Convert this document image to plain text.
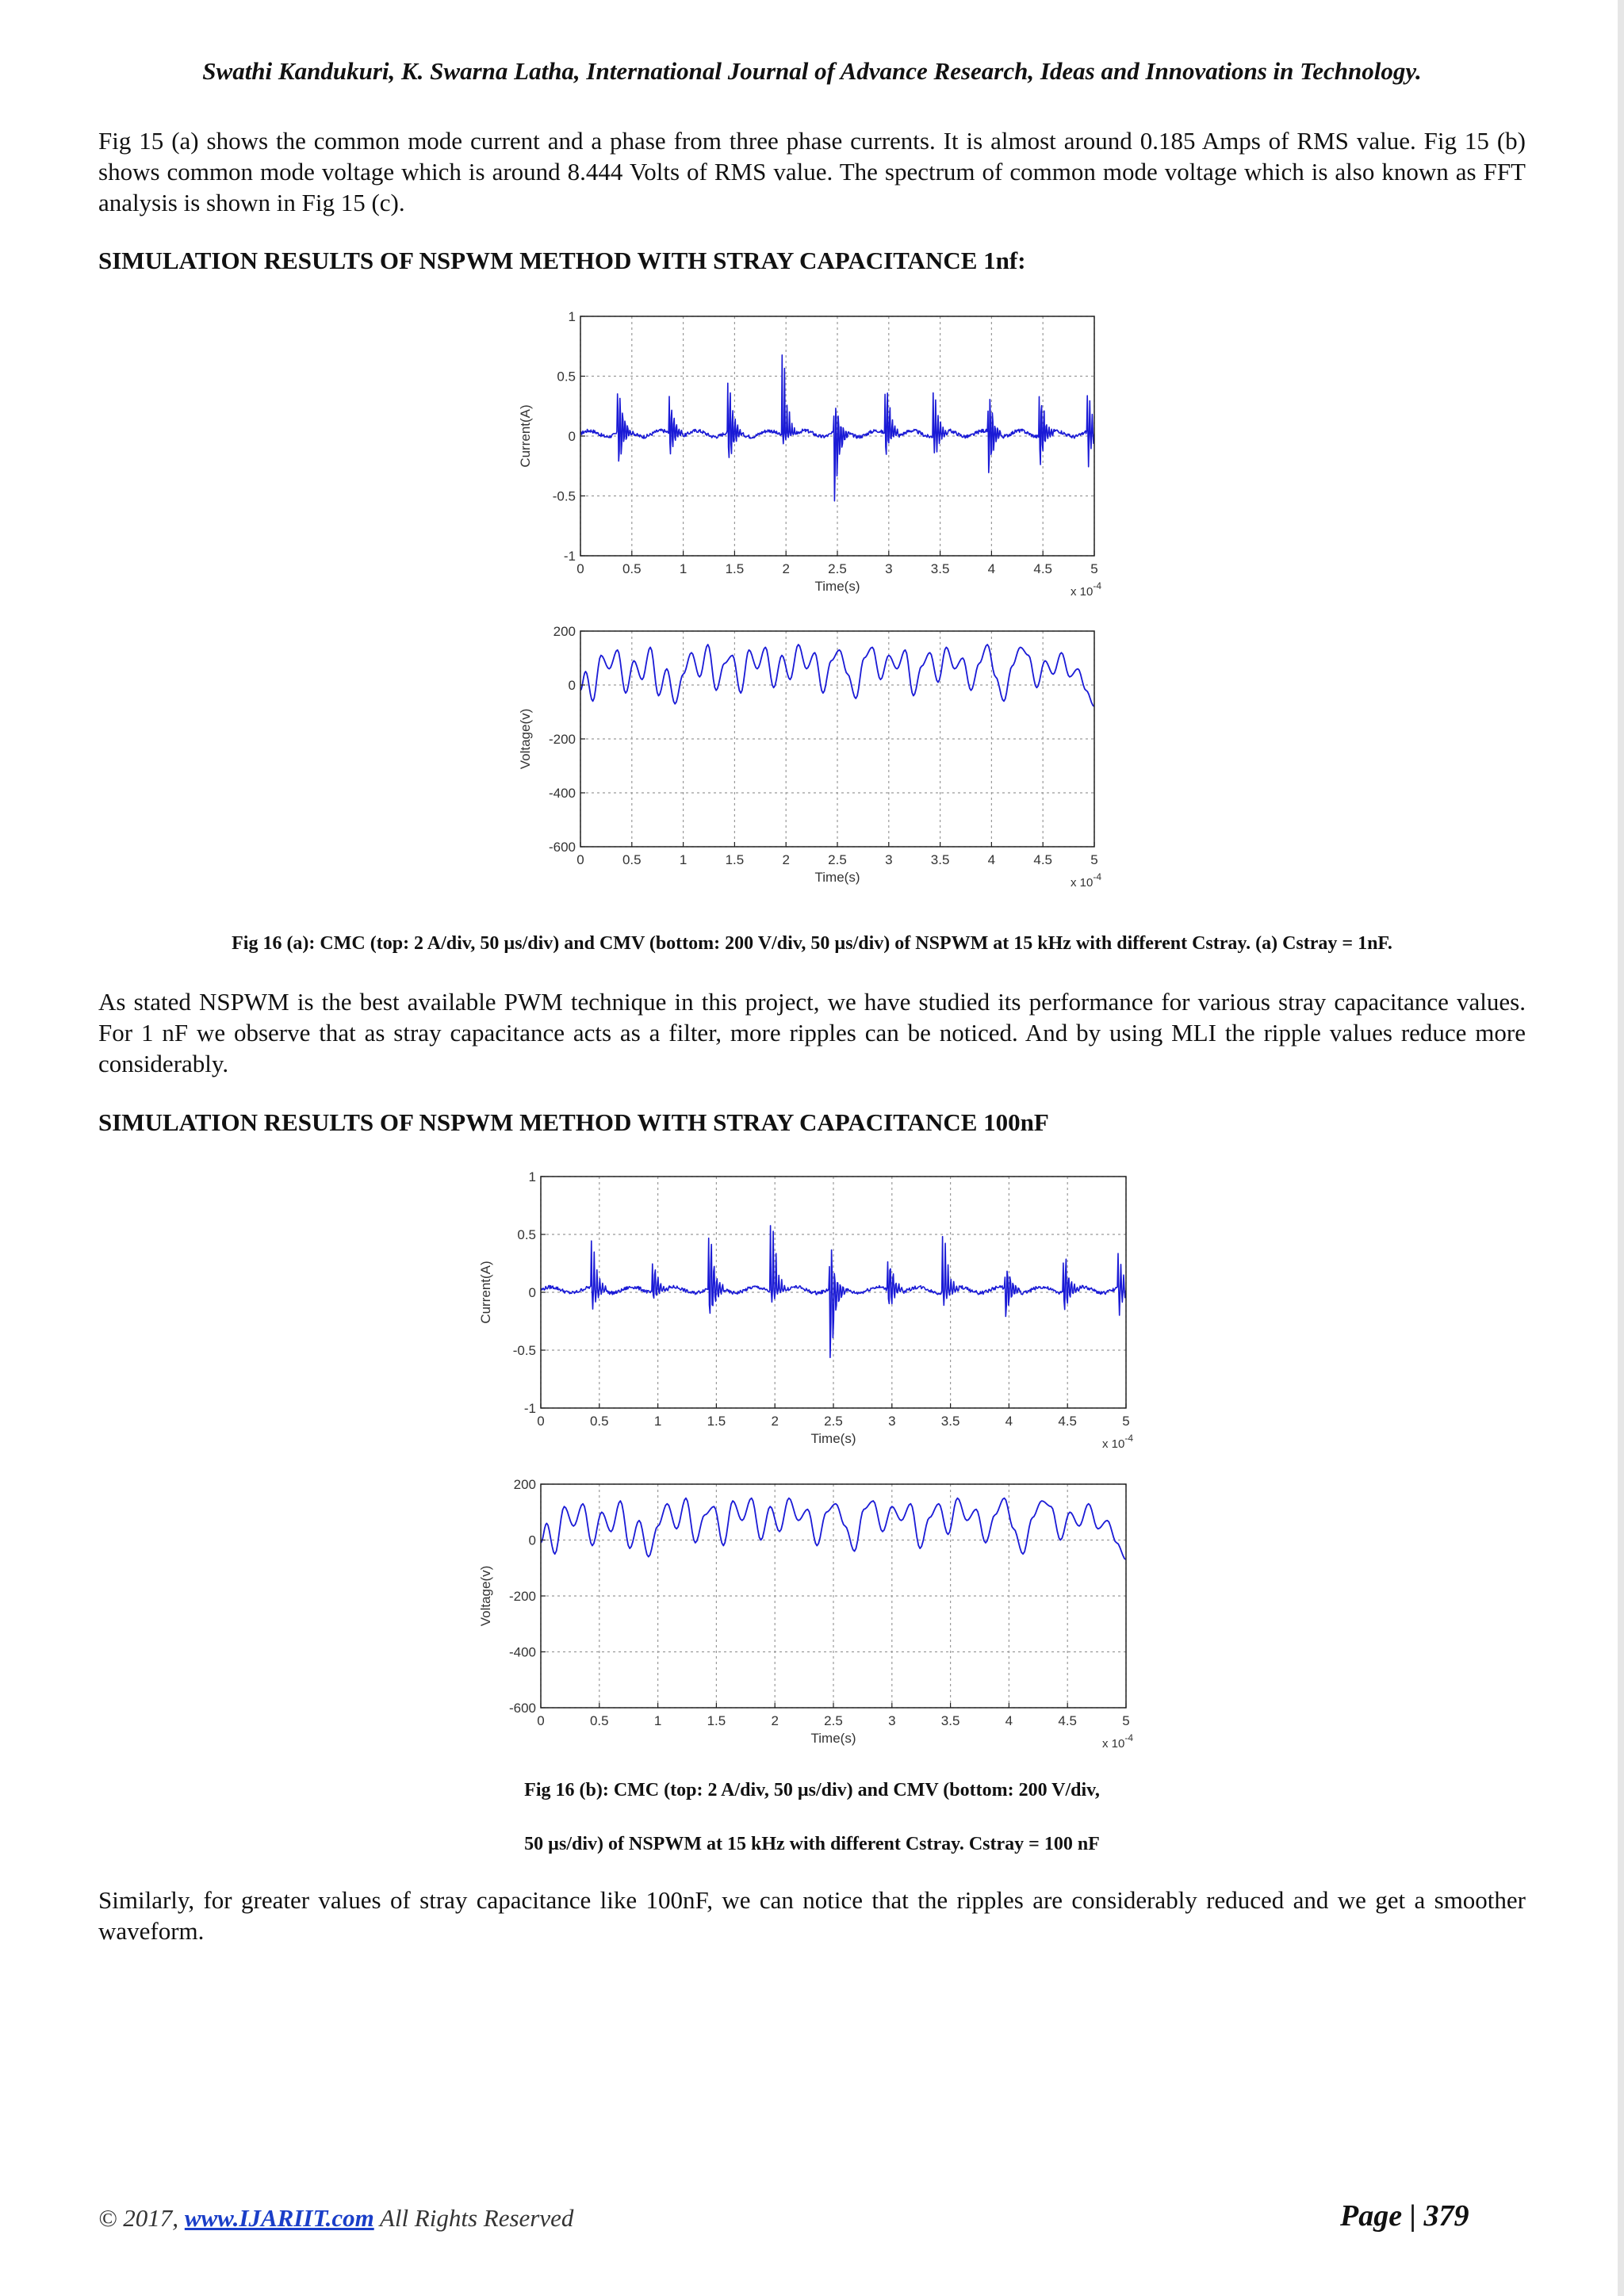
Swathi Kandukuri, K. Swarna Latha, International Journal of Advance Research, Ideas and Innovations in Technology.

Fig 15 (a) shows the common mode current and a phase from three phase currents. It is almost around 0.185 Amps of RMS value. Fig 15 (b) shows common mode voltage which is around 8.444 Volts of RMS value. The spectrum of common mode voltage which is also known as FFT analysis is shown in Fig 15 (c).

SIMULATION RESULTS OF NSPWM METHOD WITH STRAY CAPACITANCE 1nf:

0	0.5	1	1.5	2	2.5	3	3.5	4	4.5	5
1
0.5
0
-0.5
-1
Time(s)
Current(A)
x $10^{-4}$
0	0.5	1	1.5	2	2.5	3	3.5	4	4.5	5
200
0
-200
-400
-600
Time(s)
Voltage(v)
x $10^{-4}$

Fig 16 (a): CMC (top: 2 A/div, 50 µs/div) and CMV (bottom: 200 V/div, 50 µs/div) of NSPWM at 15 kHz with different Cstray. (a) Cstray = 1nF.

As stated NSPWM is the best available PWM technique in this project, we have studied its performance for various stray capacitance values. For 1 nF we observe that as stray capacitance acts as a filter, more ripples can be noticed. And by using MLI the ripple values reduce more considerably.

SIMULATION RESULTS OF NSPWM METHOD WITH STRAY CAPACITANCE 100nF

0	0.5	1	1.5	2	2.5	3	3.5	4	4.5	5
1
0.5
0
-0.5
-1
Time(s)
Current(A)
x $10^{-4}$
0	0.5	1	1.5	2	2.5	3	3.5	4	4.5	5
200
0
-200
-400
-600
Time(s)
Voltage(v)
x $10^{-4}$

Fig 16 (b): CMC (top: 2 A/div, 50 µs/div) and CMV (bottom: 200 V/div,

50 µs/div) of NSPWM at 15 kHz with different Cstray. Cstray = 100 nF

Similarly, for greater values of stray capacitance like 100nF, we can notice that the ripples are considerably reduced and we get a smoother waveform.

© 2017, www.IJARIIT.com All Rights Reserved	Page | 379
